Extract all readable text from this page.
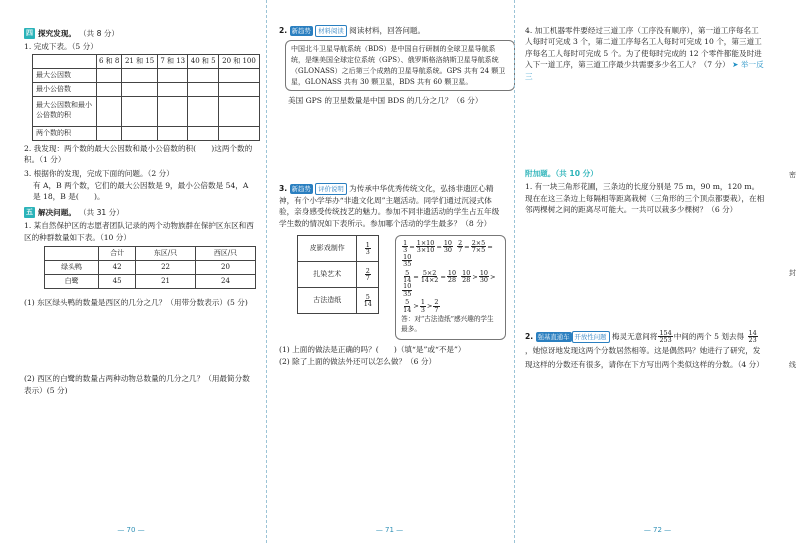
四 探究发现。 （共 8 分）

1. 完成下表。（5 分）

	6 和 8	21 和 15	7 和 13	40 和 5	20 和 100
最大公因数					
最小公倍数					
最大公因数和最小公倍数的积					
两个数的积					

2. 我发现：两个数的最大公因数和最小公倍数的积(　　)这两个数的积。（1 分）

3. 根据你的发现，完成下面的问题。（2 分）

有 A，B 两个数，它们的最大公因数是 9，最小公倍数是 54，A 是 18，B 是(　　)。

五 解决问题。 （共 31 分）

1. 某自然保护区的志愿者团队记录的两个动物族群在保护区东区和西区的种群数量如下表。（10 分）

	合计	东区/只	西区/只
绿头鸭	42	22	20
白鹭	45	21	24

(1) 东区绿头鸭的数量是西区的几分之几？（用带分数表示）(5 分)

(2) 西区的白鹭的数量占两种动物总数量的几分之几？（用最简分数表示）(5 分)

— 70 —

2. 新趋势 材料阅读 阅读材料，回答问题。

中国北斗卫星导航系统（BDS）是中国自行研制的全球卫星导航系统，是继美国全球定位系统（GPS）、俄罗斯格洛纳斯卫星导航系统（GLONASS）之后第三个成熟的卫星导航系统。GPS 共有 24 颗卫星，GLONASS 共有 30 颗卫星，BDS 共有 60 颗卫星。

美国 GPS 的卫星数量是中国 BDS 的几分之几？（6 分）

3. 新趋势 评价说明 为传承中华优秀传统文化，弘扬非遗匠心精神，有个小学举办“非遗文化周”主题活动。同学们通过沉浸式体验，亲身感受传统技艺的魅力。参加不同非遗活动的学生占五年级学生数的情况如下表所示。参加哪个活动的学生最多？（8 分）

皮影戏制作	$\frac{1}{3}$

扎染艺术	$\frac{2}{7}$

古法造纸	$\frac{5}{14}$
$\frac{1}{3} = \frac{1\times 10}{3\times 10} = \frac{10}{30}$
$\frac{2}{7} = \frac{2\times 5}{7\times 5}$ =
$\frac{10}{35}$
$\frac{5}{14} = \frac{5\times 2}{14\times 2} = \frac{10}{28}$
$\frac{10}{28} > \frac{10}{30}$ >
$\frac{10}{35}$
$\frac{5}{14} > \frac{1}{3} > \frac{2}{7}$
答：对“古法造纸”感兴趣的学生最多。

(1) 上面的做法是正确的吗？(　　)（填“是”或“不是”）

(2) 除了上面的做法外还可以怎么做？（6 分）

— 71 —

4. 加工机器零件要经过三道工序（工序没有顺序），第一道工序每名工人每时可完成 3 个，第二道工序每名工人每时可完成 10 个，第三道工序每名工人每时可完成 5 个。为了使每时完成的 12 个零件都能及时进入下一道工序，第三道工序最少共需要多少名工人？（7 分） ➤ 举一反三

附加题。（共 10 分）

1. 有一块三角形花圃，三条边的长度分别是 75 m，90 m，120 m。现在在这三条边上每隔相等距离栽树（三角形的三个顶点都要栽），在相邻两棵树之间的距离尽可能大。一共可以栽多少棵树？（6 分）

2. 强基直通车 开放性问题 梅灵无意间将 $\frac{154}{253}$ 中间的两个 5 划去得 $\frac{14}{23}$
，她惊讶地发现这两个分数居然相等。这是偶然吗？她进行了研究，发现这样的分数还有很多，请你在下方写出两个类似这样的分数。（4 分）

密
封
线
— 72 —
